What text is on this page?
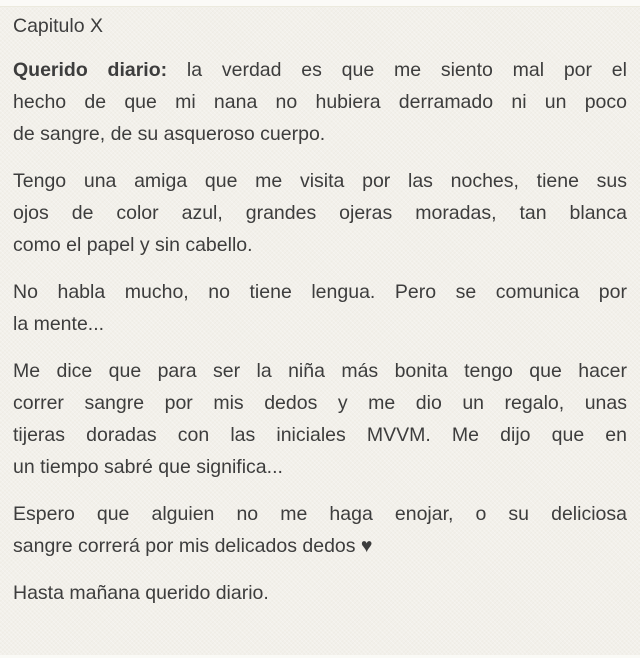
Capitulo X
Querido diario: la verdad es que me siento mal por el
hecho de que mi nana no hubiera derramado ni un poco
de sangre, de su asqueroso cuerpo.
Tengo una amiga que me visita por las noches, tiene sus
ojos de color azul, grandes ojeras moradas, tan blanca
como el papel y sin cabello.
No habla mucho, no tiene lengua. Pero se comunica por
la mente...
Me dice que para ser la niña más bonita tengo que hacer
correr sangre por mis dedos y me dio un regalo, unas
tijeras doradas con las iniciales MVVM. Me dijo que en
un tiempo sabré que significa...
Espero que alguien no me haga enojar, o su deliciosa
sangre correrá por mis delicados dedos ♥
Hasta mañana querido diario.
